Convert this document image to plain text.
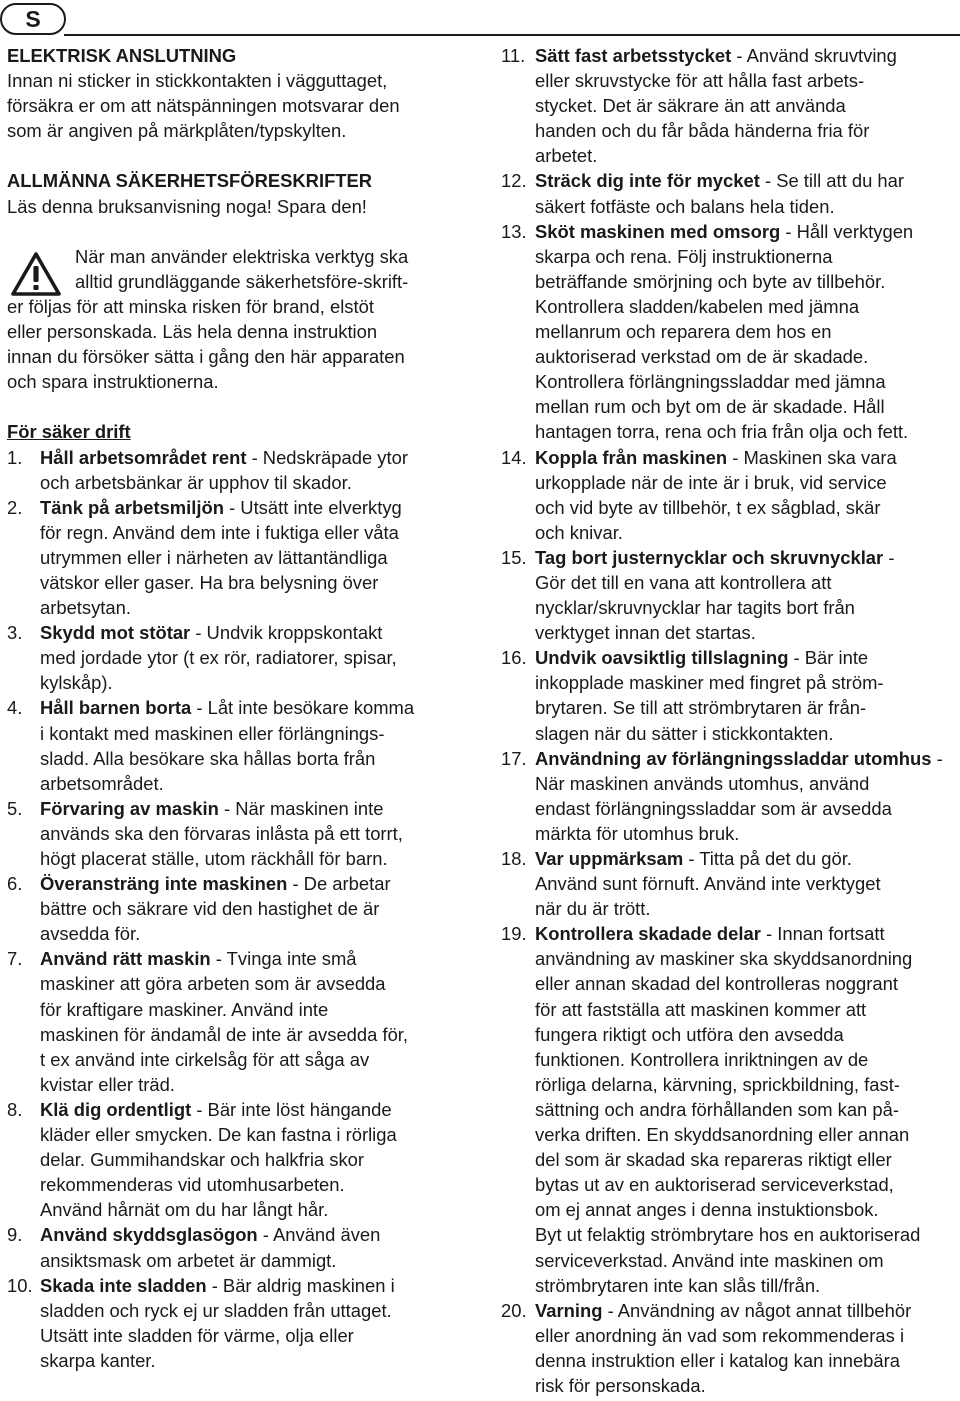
S
ELEKTRISK ANSLUTNING
Innan ni sticker in stickkontakten i vägguttaget,
försäkra er om att nätspänningen motsvarar den
som är angiven på märkplåten/typskylten.
ALLMÄNNA SÄKERHETSFÖRESKRIFTER
Läs denna bruksanvisning noga! Spara den!
När man använder elektriska verktyg ska
alltid grundläggande säkerhetsföre-skrift-
er följas för att minska risken för brand, elstöt
eller personskada. Läs hela denna instruktion
innan du försöker sätta i gång den här apparaten
och spara instruktionerna.
För säker drift
1. Håll arbetsområdet rent - Nedskräpade ytor
och arbetsbänkar är upphov til skador.
2. Tänk på arbetsmiljön - Utsätt inte elverktyg
för regn. Använd dem inte i fuktiga eller våta
utrymmen eller i närheten av lättantändliga
vätskor eller gaser. Ha bra belysning över
arbetsytan.
3. Skydd mot stötar - Undvik kroppskontakt
med jordade ytor (t ex rör, radiatorer, spisar,
kylskåp).
4. Håll barnen borta - Låt inte besökare komma
i kontakt med maskinen eller förlängnings-
sladd. Alla besökare ska hållas borta från
arbetsområdet.
5. Förvaring av maskin - När maskinen inte
används ska den förvaras inlåsta på ett torrt,
högt placerat ställe, utom räckhåll för barn.
6. Överansträng inte maskinen - De arbetar
bättre och säkrare vid den hastighet de är
avsedda för.
7. Använd rätt maskin - Tvinga inte små
maskiner att göra arbeten som är avsedda
för kraftigare maskiner. Använd inte
maskinen för ändamål de inte är avsedda för,
t ex använd inte cirkelsåg för att såga av
kvistar eller träd.
8. Klä dig ordentligt - Bär inte löst hängande
kläder eller smycken. De kan fastna i rörliga
delar. Gummihandskar och halkfria skor
rekommenderas vid utomhusarbeten.
Använd hårnät om du har långt hår.
9. Använd skyddsglasögon - Använd även
ansiktsmask om arbetet är dammigt.
10. Skada inte sladden - Bär aldrig maskinen i
sladden och ryck ej ur sladden från uttaget.
Utsätt inte sladden för värme, olja eller
skarpa kanter.
11. Sätt fast arbetsstycket - Använd skruvtving
eller skruvstycke för att hålla fast arbets-
stycket. Det är säkrare än att använda
handen och du får båda händerna fria för
arbetet.
12. Sträck dig inte för mycket - Se till att du har
säkert fotfäste och balans hela tiden.
13. Sköt maskinen med omsorg - Håll verktygen
skarpa och rena. Följ instruktionerna
beträffande smörjning och byte av tillbehör.
Kontrollera sladden/kabelen med jämna
mellanrum och reparera dem hos en
auktoriserad verkstad om de är skadade.
Kontrollera förlängningssladdar med jämna
mellan rum och byt om de är skadade. Håll
hantagen torra, rena och fria från olja och fett.
14. Koppla från maskinen - Maskinen ska vara
urkopplade när de inte är i bruk, vid service
och vid byte av tillbehör, t ex sågblad, skär
och knivar.
15. Tag bort justernycklar och skruvnycklar -
Gör det till en vana att kontrollera att
nycklar/skruvnycklar har tagits bort från
verktyget innan det startas.
16. Undvik oavsiktlig tillslagning - Bär inte
inkopplade maskiner med fingret på ström-
brytaren. Se till att strömbrytaren är från-
slagen när du sätter i stickkontakten.
17. Användning av förlängningssladdar utomhus -
När maskinen används utomhus, använd
endast förlängningssladdar som är avsedda
märkta för utomhus bruk.
18. Var uppmärksam - Titta på det du gör.
Använd sunt förnuft. Använd inte verktyget
när du är trött.
19. Kontrollera skadade delar - Innan fortsatt
användning av maskiner ska skyddsanordning
eller annan skadad del kontrolleras noggrant
för att fastställa att maskinen kommer att
fungera riktigt och utföra den avsedda
funktionen. Kontrollera inriktningen av de
rörliga delarna, kärvning, sprickbildning, fast-
sättning och andra förhållanden som kan på-
verka driften. En skyddsanordning eller annan
del som är skadad ska repareras riktigt eller
bytas ut av en auktoriserad serviceverkstad,
om ej annat anges i denna instuktionsbok.
Byt ut felaktig strömbrytare hos en auktoriserad
serviceverkstad. Använd inte maskinen om
strömbrytaren inte kan slås till/från.
20. Varning - Användning av något annat tillbehör
eller anordning än vad som rekommenderas i
denna instruktion eller i katalog kan innebära
risk för personskada.
